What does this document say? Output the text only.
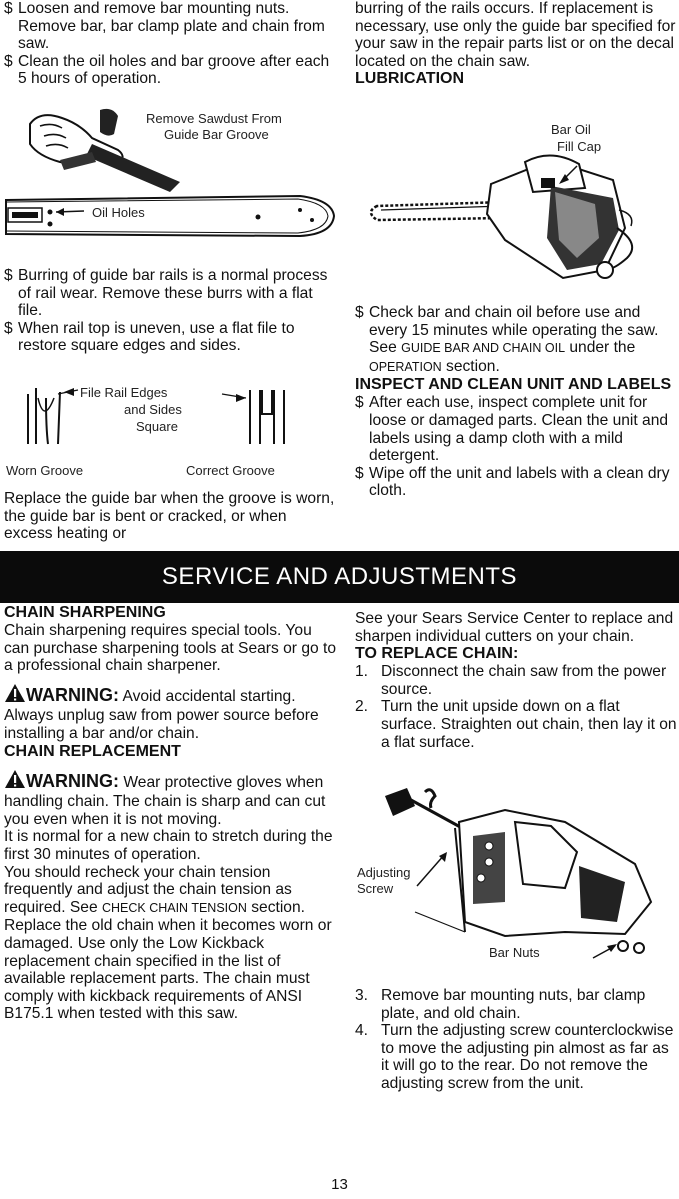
$ Loosen and remove bar mounting nuts. Remove bar, bar clamp plate and chain from saw.
$ Clean the oil holes and bar groove after each 5 hours of operation.
Remove Sawdust From
Guide Bar Groove
Oil Holes
$ Burring of guide bar rails is a normal process of rail wear. Remove these burrs with a flat file.
$ When rail top is uneven, use a flat file to restore square edges and sides.
File Rail Edges
and Sides
Square
Worn Groove	Correct Groove

Replace the guide bar when the groove is worn, the guide bar is bent or cracked, or when excess heating or

burring of the rails occurs. If replacement is necessary, use only the guide bar specified for your saw in the repair parts list or on the decal located on the chain saw.

LUBRICATION
Bar Oil
Fill Cap
$ Check bar and chain oil before use and every 15 minutes while operating the saw. See GUIDE BAR AND CHAIN OIL under the OPERATION section.
INSPECT AND CLEAN UNIT AND LABELS
$ After each use, inspect complete unit for loose or damaged parts. Clean the unit and labels using a damp cloth with a mild detergent.
$ Wipe off the unit and labels with a clean dry cloth.
SERVICE AND ADJUSTMENTS
CHAIN SHARPENING

Chain sharpening requires special tools. You can purchase sharpening tools at Sears or go to a professional chain sharpener.

WARNING: Avoid accidental starting. Always unplug saw from power source before installing a bar and/or chain.

CHAIN REPLACEMENT

WARNING: Wear protective gloves when handling chain. The chain is sharp and can cut you even when it is not moving.

It is normal for a new chain to stretch during the first 30 minutes of operation.

You should recheck your chain tension frequently and adjust the chain tension as required. See CHECK CHAIN TENSION section.

Replace the old chain when it becomes worn or damaged. Use only the Low Kickback replacement chain specified in the list of available replacement parts. The chain must comply with kickback requirements of ANSI B175.1 when tested with this saw.

See your Sears Service Center to replace and sharpen individual cutters on your chain.

TO REPLACE CHAIN:
1. Disconnect the chain saw from the power source.
2. Turn the unit upside down on a flat surface. Straighten out chain, then lay it on a flat surface.
Adjusting
Screw
Bar Nuts
3. Remove bar mounting nuts, bar clamp plate, and old chain.
4. Turn the adjusting screw counterclockwise to move the adjusting pin almost as far as it will go to the rear. Do not remove the adjusting screw from the unit.
13
